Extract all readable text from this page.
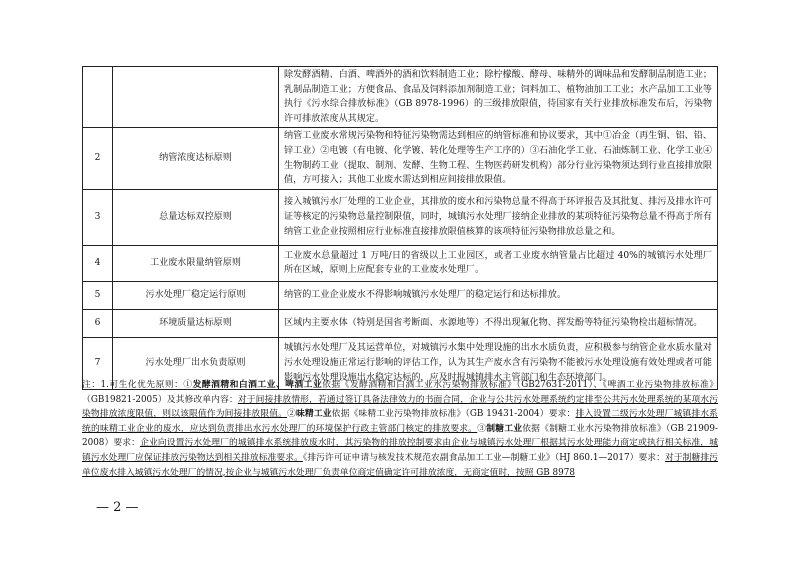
		除发酵酒精、白酒、啤酒外的酒和饮料制造工业；除柠檬酸、酵母、味精外的调味品和发酵制品制造工业；乳制品制造工业；方便食品、食品及饲料添加剂制造工业；饲料加工、植物油加工工业；水产品加工工业等执行《污水综合排放标准》（GB 8978-1996）的三级排放限值，待国家有关行业排放标准发布后，污染物许可排放浓度从其规定。
2	纳管浓度达标原则	纳管工业废水常规污染物和特征污染物需达到相应的纳管标准和协议要求，其中①冶金（再生铜、铝、铅、锌工业）②电镀（有电镀、化学镀、转化处理等生产工序的）③石油化学工业、石油炼制工业、化学工业④生物制药工业（提取、制剂、发酵、生物工程、生物医药研发机构）部分行业污染物须达到行业直接排放限值，方可接入；其他工业废水需达到相应间接排放限值。
3	总量达标双控原则	接入城镇污水厂处理的工业企业，其排放的废水和污染物总量不得高于环评报告及其批复、排污及排水许可证等核定的污染物总量控制限值，同时，城镇污水处理厂接纳企业排放的某项特征污染物总量不得高于所有纳管工业企业按照相应行业标准直接排放限值核算的该项特征污染物排放总量之和。
4	工业废水限量纳管原则	工业废水总量超过 1 万吨/日的省级以上工业园区，或者工业废水纳管量占比超过 40%的城镇污水处理厂所在区域，原则上应配套专业的工业废水处理厂。
5	污水处理厂稳定运行原则	纳管的工业企业废水不得影响城镇污水处理厂的稳定运行和达标排放。
6	环境质量达标原则	区域内主要水体（特别是国省考断面、水源地等）不得出现氟化物、挥发酚等特征污染物检出超标情况。
7	污水处理厂出水负责原则	城镇污水处理厂及其运营单位，对城镇污水集中处理设施的出水水质负责，应积极参与纳管企业水质水量对污水处理设施正常运行影响的评估工作，认为其生产废水含有污染物不能被污水处理设施有效处理或者可能影响污水处理设施出水稳定达标的，应及时报城镇排水主管部门和生态环境部门。
注：1.可生化优先原则：①发酵酒精和白酒工业、啤酒工业依据《发酵酒精和白酒工业水污染物排放标准》（GB27631-2011）、《啤酒工业污染物排放标准》（GB19821-2005）及其修改单内容：对于间接排放情形，若通过签订具备法律效力的书面合同，企业与公共污水处理系统约定排至公共污水处理系统的某项水污染物排放浓度限值，则以该限值作为间接排放限值。②味精工业依据《味精工业污染物排放标准》（GB 19431-2004）要求：排入设置二级污水处理厂城镇排水系统的味精工业企业的废水，应达到负责排出水污水处理厂的环境保护行政主管部门核定的排放要求。③制糖工业依据《制糖工业水污染物排放标准》（GB 21909-2008）要求：企业向设置污水处理厂的城镇排水系统排放废水时，其污染物的排放控制要求由企业与城镇污水处理厂根据其污水处理能力商定或执行相关标准，城镇污水处理厂应保证排放污染物达到相关排放标准要求。《排污许可证申请与核发技术规范农副食品加工工业—制糖工业》（HJ 860.1—2017）要求：对于制糖排污单位废水排入城镇污水处理厂的情况,按企业与城镇污水处理厂负责单位商定值确定许可排放浓度，无商定值时，按照 GB 8978
— 2 —
